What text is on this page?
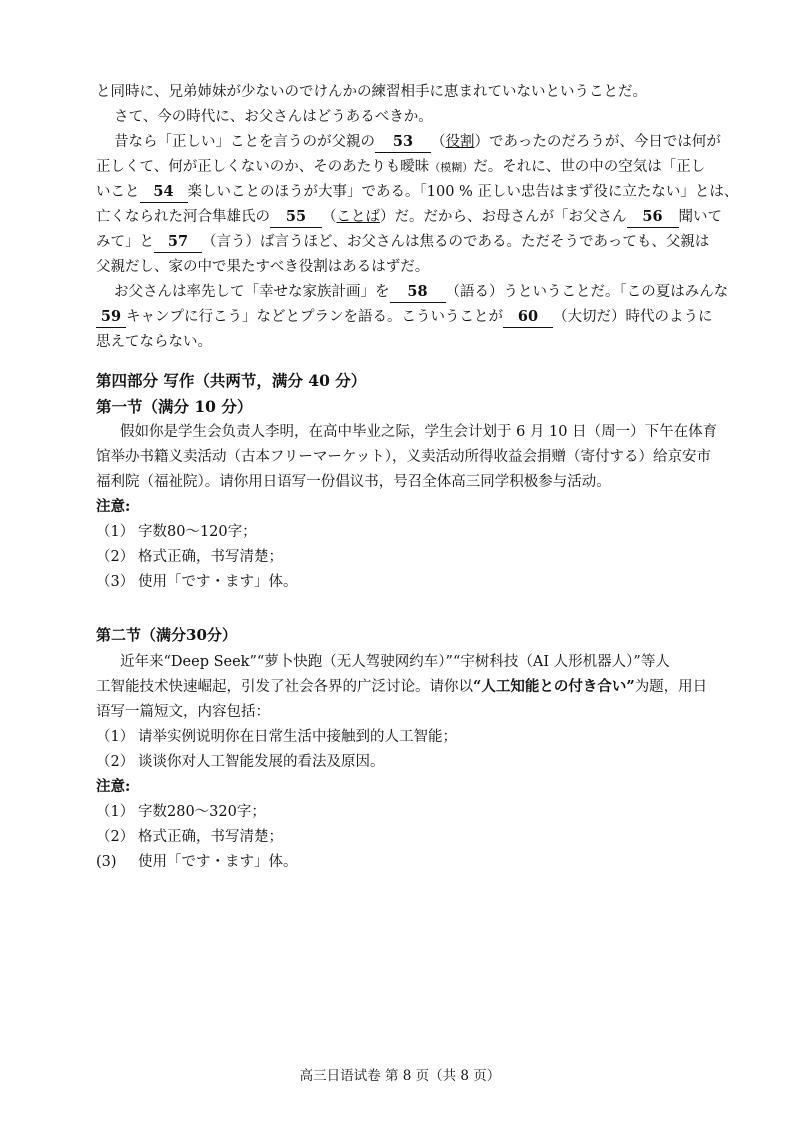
と同時に、兄弟姉妹が少ないのでけんかの練習相手に恵まれていないということだ。
さて、今の時代に、お父さんはどうあるべきか。
昔なら「正しい」ことを言うのが父親の 53 （役割）であったのだろうが、今日では何が
正しくて、何が正しくないのか、そのあたりも曖昧（模糊）だ。それに、世の中の空気は「正し
いこと 54 楽しいことのほうが大事」である。「100 % 正しい忠告はまず役に立たない」とは、
亡くなられた河合隼雄氏の 55 （ことば）だ。だから、お母さんが「お父さん 56 聞いて
みて」と 57 （言う）ば言うほど、お父さんは焦るのである。ただそうであっても、父親は
父親だし、家の中で果たすべき役割はあるはずだ。
お父さんは率先して「幸せな家族計画」を 58 （語る）うということだ。「この夏はみんな
59 キャンプに行こう」などとプランを語る。こういうことが 60 （大切だ）時代のように
思えてならない。
第四部分 写作（共两节，满分 40 分）
第一节（满分 10 分）
假如你是学生会负责人李明，在高中毕业之际，学生会计划于 6 月 10 日（周一）下午在体育
馆举办书籍义卖活动（古本フリーマーケット），义卖活动所得收益会捐赠（寄付する）给京安市
福利院（福祉院）。请你用日语写一份倡议书，号召全体高三同学积极参与活动。
注意:
（1） 字数80～120字；
（2） 格式正确，书写清楚；
（3） 使用「です・ます」体。
第二节（满分30分）
近年来“Deep Seek”“萝卜快跑（无人驾驶网约车）”“宇树科技（AI 人形机器人）”等人
工智能技术快速崛起，引发了社会各界的广泛讨论。请你以“人工知能との付き合い”为题，用日
语写一篇短文，内容包括：
（1） 请举实例说明你在日常生活中接触到的人工智能；
（2） 谈谈你对人工智能发展的看法及原因。
注意:
（1） 字数280～320字；
（2） 格式正确，书写清楚；
(3) 使用「です・ます」体。
高三日语试卷 第 8 页（共 8 页）
